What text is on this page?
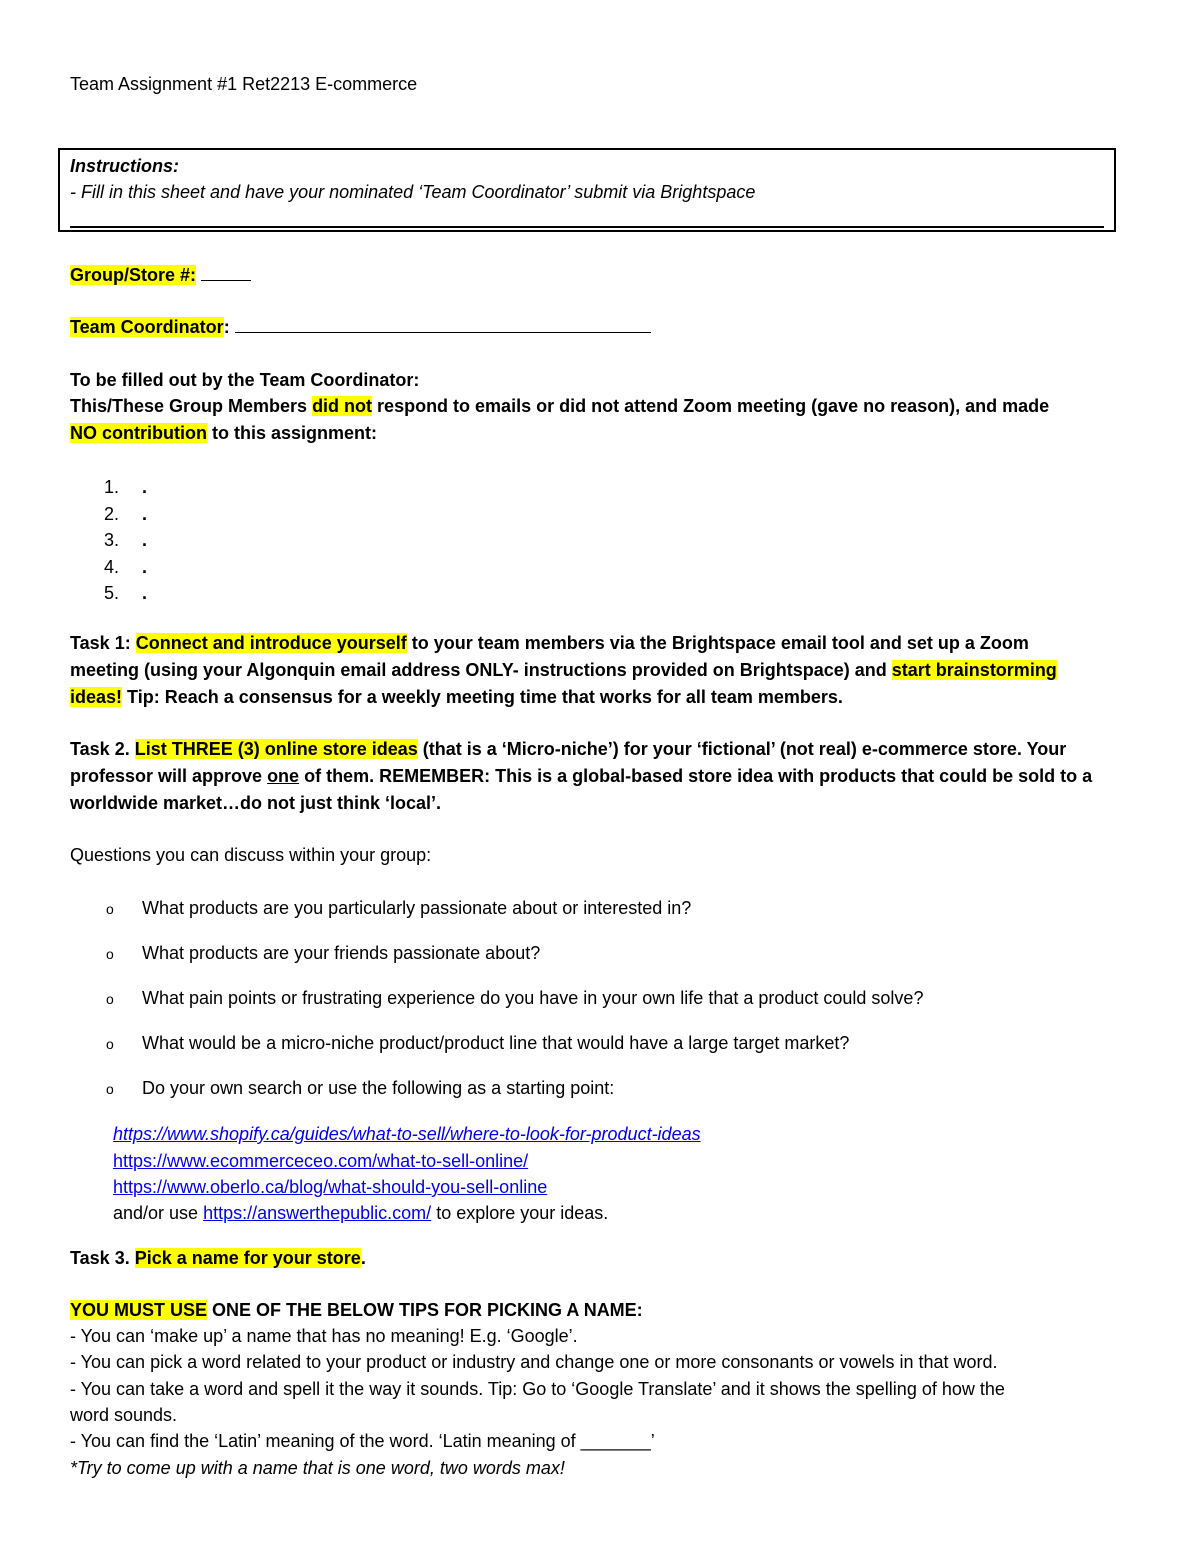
Team Assignment #1 Ret2213 E-commerce
Instructions:
- Fill in this sheet and have your nominated ‘Team Coordinator’ submit via Brightspace
Group/Store #:
Team Coordinator:
To be filled out by the Team Coordinator:
This/These Group Members did not respond to emails or did not attend Zoom meeting (gave no reason), and made
NO contribution to this assignment:
1. .
2. .
3. .
4. .
5. .
Task 1: Connect and introduce yourself to your team members via the Brightspace email tool and set up a Zoom
meeting (using your Algonquin email address ONLY- instructions provided on Brightspace) and start brainstorming
ideas! Tip: Reach a consensus for a weekly meeting time that works for all team members.
Task 2. List THREE (3) online store ideas (that is a ‘Micro-niche’) for your ‘fictional’ (not real) e-commerce store. Your
professor will approve one of them. REMEMBER: This is a global-based store idea with products that could be sold to a
worldwide market…do not just think ‘local’.
Questions you can discuss within your group:
o What products are you particularly passionate about or interested in?
o What products are your friends passionate about?
o What pain points or frustrating experience do you have in your own life that a product could solve?
o What would be a micro-niche product/product line that would have a large target market?
o Do your own search or use the following as a starting point:
https://www.shopify.ca/guides/what-to-sell/where-to-look-for-product-ideas
https://www.ecommerceceo.com/what-to-sell-online/
https://www.oberlo.ca/blog/what-should-you-sell-online
and/or use https://answerthepublic.com/ to explore your ideas.
Task 3. Pick a name for your store.
YOU MUST USE ONE OF THE BELOW TIPS FOR PICKING A NAME:
- You can ‘make up’ a name that has no meaning! E.g. ‘Google’.
- You can pick a word related to your product or industry and change one or more consonants or vowels in that word.
- You can take a word and spell it the way it sounds. Tip: Go to ‘Google Translate’ and it shows the spelling of how the
word sounds.
- You can find the ‘Latin’ meaning of the word. ‘Latin meaning of _______’
*Try to come up with a name that is one word, two words max!
